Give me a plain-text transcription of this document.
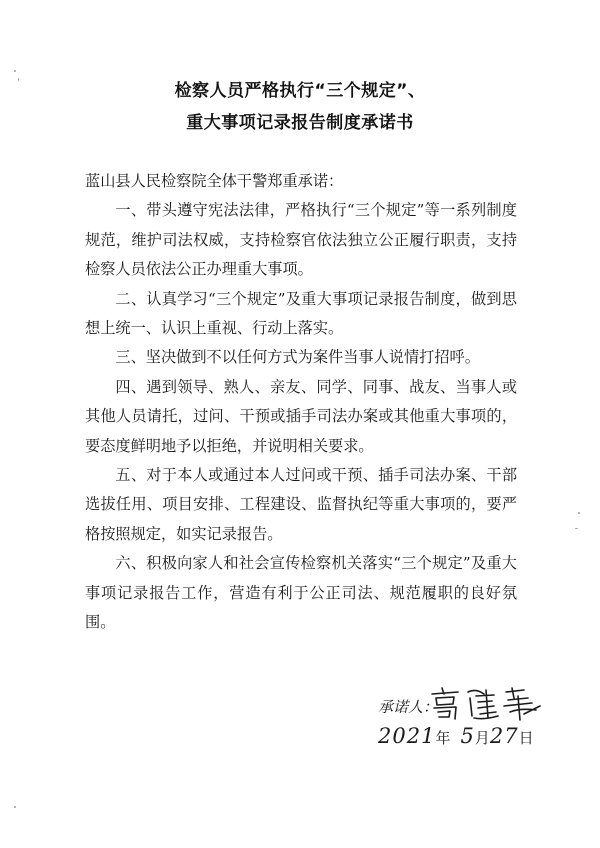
检察人员严格执行“三个规定”、
重大事项记录报告制度承诺书

蓝山县人民检察院全体干警郑重承诺：

一、带头遵守宪法法律，严格执行“三个规定”等一系列制度规范，维护司法权威，支持检察官依法独立公正履行职责，支持检察人员依法公正办理重大事项。

二、认真学习“三个规定”及重大事项记录报告制度，做到思想上统一、认识上重视、行动上落实。

三、坚决做到不以任何方式为案件当事人说情打招呼。

四、遇到领导、熟人、亲友、同学、同事、战友、当事人或其他人员请托，过问、干预或插手司法办案或其他重大事项的，要态度鲜明地予以拒绝，并说明相关要求。

五、对于本人或通过本人过问或干预、插手司法办案、干部选拔任用、项目安排、工程建设、监督执纪等重大事项的，要严格按照规定，如实记录报告。

六、积极向家人和社会宣传检察机关落实“三个规定”及重大事项记录报告工作，营造有利于公正司法、规范履职的良好氛围。

承诺人：
2021年 5月27日
